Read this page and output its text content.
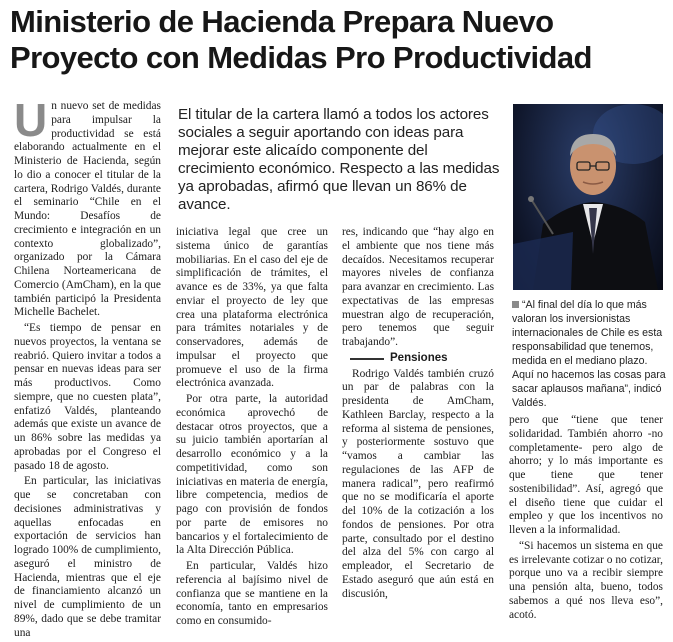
Ministerio de Hacienda Prepara Nuevo Proyecto con Medidas Pro Productividad

El titular de la cartera llamó a todos los actores sociales a seguir aportando con ideas para mejorar este alicaído componente del crecimiento económico. Respecto a las medidas ya aprobadas, afirmó que llevan un 86% de avance.

“Al final del día lo que más valoran los inversionistas internacionales de Chile es esta responsabilidad que tenemos, medida en el mediano plazo. Aquí no hacemos las cosas para sacar aplausos mañana”, indicó Valdés.

Un nuevo set de medidas para impulsar la productividad se está elaborando actualmente en el Ministerio de Hacienda, según lo dio a conocer el titular de la cartera, Rodrigo Valdés, durante el seminario “Chile en el Mundo: Desafíos de crecimiento e integración en un contexto globalizado”, organizado por la Cámara Chilena Norteamericana de Comercio (AmCham), en la que también participó la Presidenta Michelle Bachelet.

“Es tiempo de pensar en nuevos proyectos, la ventana se reabrió. Quiero invitar a todos a pensar en nuevas ideas para ser más productivos. Como siempre, que no cuesten plata”, enfatizó Valdés, planteando además que existe un avance de un 86% sobre las medidas ya aprobadas por el Congreso el pasado 18 de agosto.

En particular, las iniciativas que se concretaban con decisiones administrativas y aquellas enfocadas en exportación de servicios han logrado 100% de cumplimiento, aseguró el ministro de Hacienda, mientras que el eje de financiamiento alcanzó un nivel de cumplimiento de un 89%, dado que se debe tramitar una

iniciativa legal que cree un sistema único de garantías mobiliarias. En el caso del eje de simplificación de trámites, el avance es de 33%, ya que falta enviar el proyecto de ley que crea una plataforma electrónica para trámites notariales y de conservadores, además de impulsar el proyecto que promueve el uso de la firma electrónica avanzada.

Por otra parte, la autoridad económica aprovechó de destacar otros proyectos, que a su juicio también aportarían al desarrollo económico y a la competitividad, como son iniciativas en materia de energía, libre competencia, medios de pago con provisión de fondos por parte de emisores no bancarios y el fortalecimiento de la Alta Dirección Pública.

En particular, Valdés hizo referencia al bajísimo nivel de confianza que se mantiene en la economía, tanto en empresarios como en consumido-

res, indicando que “hay algo en el ambiente que nos tiene más decaídos. Necesitamos recuperar mayores niveles de confianza para avanzar en crecimiento. Las expectativas de las empresas muestran algo de recuperación, pero tenemos que seguir trabajando”.

Pensiones

Rodrigo Valdés también cruzó un par de palabras con la presidenta de AmCham, Kathleen Barclay, respecto a la reforma al sistema de pensiones, y posteriormente sostuvo que “vamos a cambiar las regulaciones de las AFP de manera radical”, pero reafirmó que no se modificaría el aporte del 10% de la cotización a los fondos de pensiones. Por otra parte, consultado por el destino del alza del 5% con cargo al empleador, el Secretario de Estado aseguró que aún está en discusión,

pero que “tiene que tener solidaridad. También ahorro -no completamente- pero algo de ahorro; y lo más importante es que tiene que tener sostenibilidad”. Así, agregó que el diseño tiene que cuidar el empleo y que los incentivos no lleven a la informalidad.

“Si hacemos un sistema en que es irrelevante cotizar o no cotizar, porque uno va a recibir siempre una pensión alta, bueno, todos sabemos a qué nos lleva eso”, acotó.
